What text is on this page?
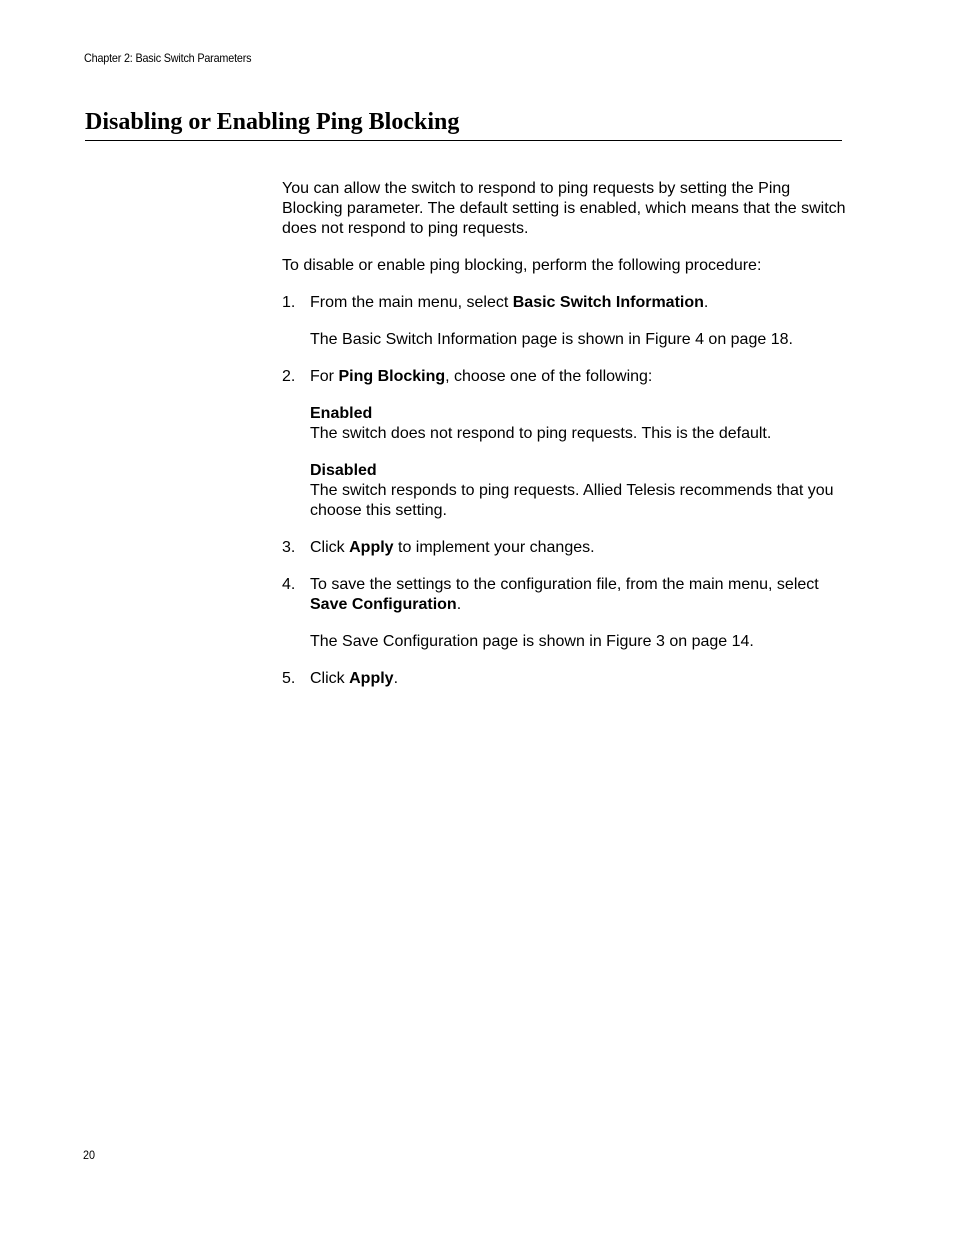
Chapter 2: Basic Switch Parameters
Disabling or Enabling Ping Blocking

You can allow the switch to respond to ping requests by setting the Ping Blocking parameter. The default setting is enabled, which means that the switch does not respond to ping requests.

To disable or enable ping blocking, perform the following procedure:

1. From the main menu, select Basic Switch Information.

The Basic Switch Information page is shown in Figure 4 on page 18.

2. For Ping Blocking, choose one of the following:

Enabled
The switch does not respond to ping requests. This is the default.
Disabled
The switch responds to ping requests. Allied Telesis recommends that you choose this setting.
3. Click Apply to implement your changes.

4. To save the settings to the configuration file, from the main menu, select Save Configuration.

The Save Configuration page is shown in Figure 3 on page 14.

5. Click Apply.

20
